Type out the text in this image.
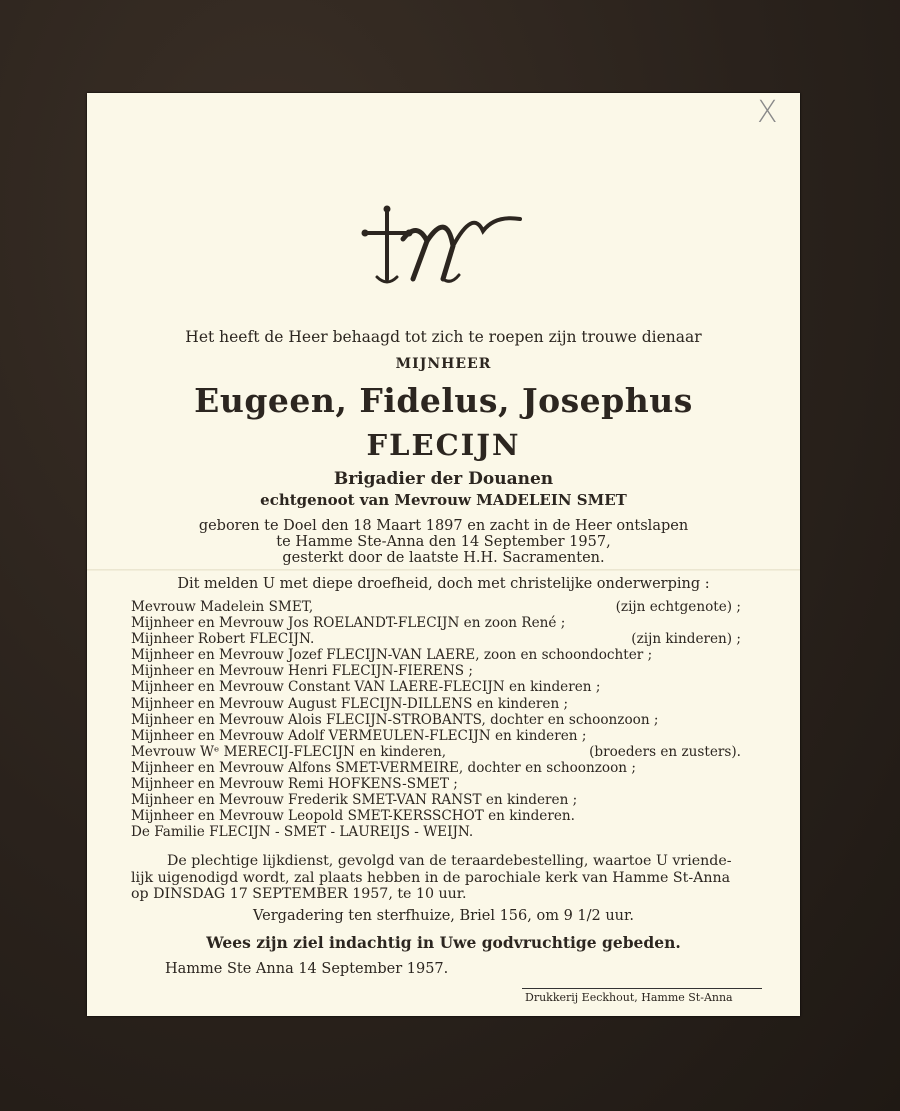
X
Het heeft de Heer behaagd tot zich te roepen zijn trouwe dienaar
MIJNHEER
Eugeen, Fidelus, Josephus
FLECIJN
Brigadier der Douanen
echtgenoot van Mevrouw MADELEIN SMET
geboren te Doel den 18 Maart 1897 en zacht in de Heer ontslapen
te Hamme Ste-Anna den 14 September 1957,
gesterkt door de laatste H.H. Sacramenten.
Dit melden U met diepe droefheid, doch met christelijke onderwerping :
Mevrouw Madelein SMET,	(zijn echtgenote) ;
Mijnheer en Mevrouw Jos ROELANDT-FLECIJN en zoon René ;
Mijnheer Robert FLECIJN.	(zijn kinderen) ;
Mijnheer en Mevrouw Jozef FLECIJN-VAN LAERE, zoon en schoondochter ;
Mijnheer en Mevrouw Henri FLECIJN-FIERENS ;
Mijnheer en Mevrouw Constant VAN LAERE-FLECIJN en kinderen ;
Mijnheer en Mevrouw August FLECIJN-DILLENS en kinderen ;
Mijnheer en Mevrouw Alois FLECIJN-STROBANTS, dochter en schoonzoon ;
Mijnheer en Mevrouw Adolf VERMEULEN-FLECIJN en kinderen ;
Mevrouw Wᵉ MERECIJ-FLECIJN en kinderen,	(broeders en zusters).
Mijnheer en Mevrouw Alfons SMET-VERMEIRE, dochter en schoonzoon ;
Mijnheer en Mevrouw Remi HOFKENS-SMET ;
Mijnheer en Mevrouw Frederik SMET-VAN RANST en kinderen ;
Mijnheer en Mevrouw Leopold SMET-KERSSCHOT en kinderen.
De Familie FLECIJN - SMET - LAUREIJS - WEIJN.
De plechtige lijkdienst, gevolgd van de teraardebestelling, waartoe U vriende-
lijk uigenodigd wordt, zal plaats hebben in de parochiale kerk van Hamme St-Anna
op DINSDAG 17 SEPTEMBER 1957, te 10 uur.
Vergadering ten sterfhuize, Briel 156, om 9 1/2 uur.
Wees zijn ziel indachtig in Uwe godvruchtige gebeden.
Hamme Ste Anna 14 September 1957.
Drukkerij Eeckhout, Hamme St-Anna
